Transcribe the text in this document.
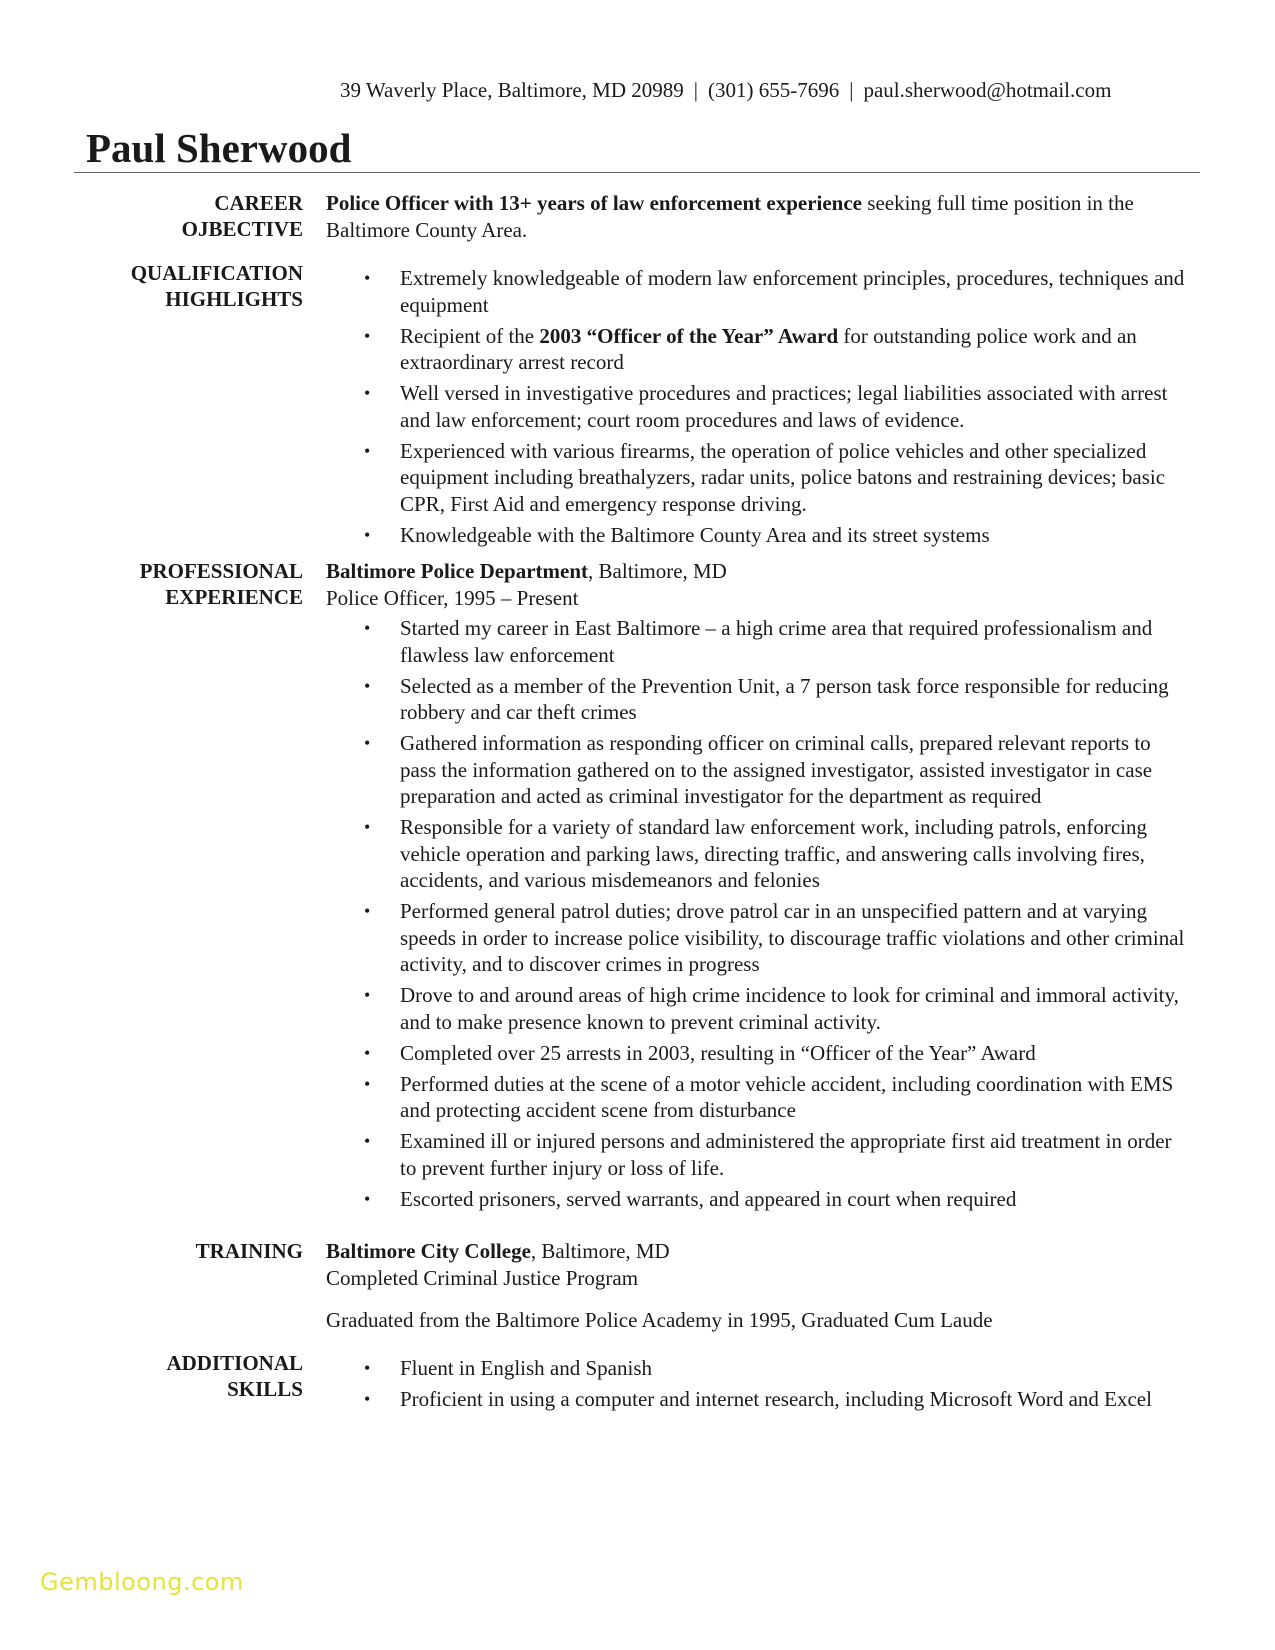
39 Waverly Place, Baltimore, MD 20989 | (301) 655-7696 | paul.sherwood@hotmail.com
Paul Sherwood
CAREER
OJBECTIVE

Police Officer with 13+ years of law enforcement experience seeking full time position in the Baltimore County Area.

QUALIFICATION
HIGHLIGHTS
• Extremely knowledgeable of modern law enforcement principles, procedures, techniques and equipment
• Recipient of the 2003 “Officer of the Year” Award for outstanding police work and an extraordinary arrest record
• Well versed in investigative procedures and practices; legal liabilities associated with arrest and law enforcement; court room procedures and laws of evidence.
• Experienced with various firearms, the operation of police vehicles and other specialized equipment including breathalyzers, radar units, police batons and restraining devices; basic CPR, First Aid and emergency response driving.
• Knowledgeable with the Baltimore County Area and its street systems
PROFESSIONAL
EXPERIENCE

Baltimore Police Department, Baltimore, MD

Police Officer, 1995 – Present

• Started my career in East Baltimore – a high crime area that required professionalism and flawless law enforcement
• Selected as a member of the Prevention Unit, a 7 person task force responsible for reducing robbery and car theft crimes
• Gathered information as responding officer on criminal calls, prepared relevant reports to pass the information gathered on to the assigned investigator, assisted investigator in case preparation and acted as criminal investigator for the department as required
• Responsible for a variety of standard law enforcement work, including patrols, enforcing vehicle operation and parking laws, directing traffic, and answering calls involving fires, accidents, and various misdemeanors and felonies
• Performed general patrol duties; drove patrol car in an unspecified pattern and at varying speeds in order to increase police visibility, to discourage traffic violations and other criminal activity, and to discover crimes in progress
• Drove to and around areas of high crime incidence to look for criminal and immoral activity, and to make presence known to prevent criminal activity.
• Completed over 25 arrests in 2003, resulting in “Officer of the Year” Award
• Performed duties at the scene of a motor vehicle accident, including coordination with EMS and protecting accident scene from disturbance
• Examined ill or injured persons and administered the appropriate first aid treatment in order to prevent further injury or loss of life.
• Escorted prisoners, served warrants, and appeared in court when required
TRAINING Baltimore City College, Baltimore, MD

Completed Criminal Justice Program

Graduated from the Baltimore Police Academy in 1995, Graduated Cum Laude

ADDITIONAL
SKILLS
• Fluent in English and Spanish
• Proficient in using a computer and internet research, including Microsoft Word and Excel
Gembloong.com
